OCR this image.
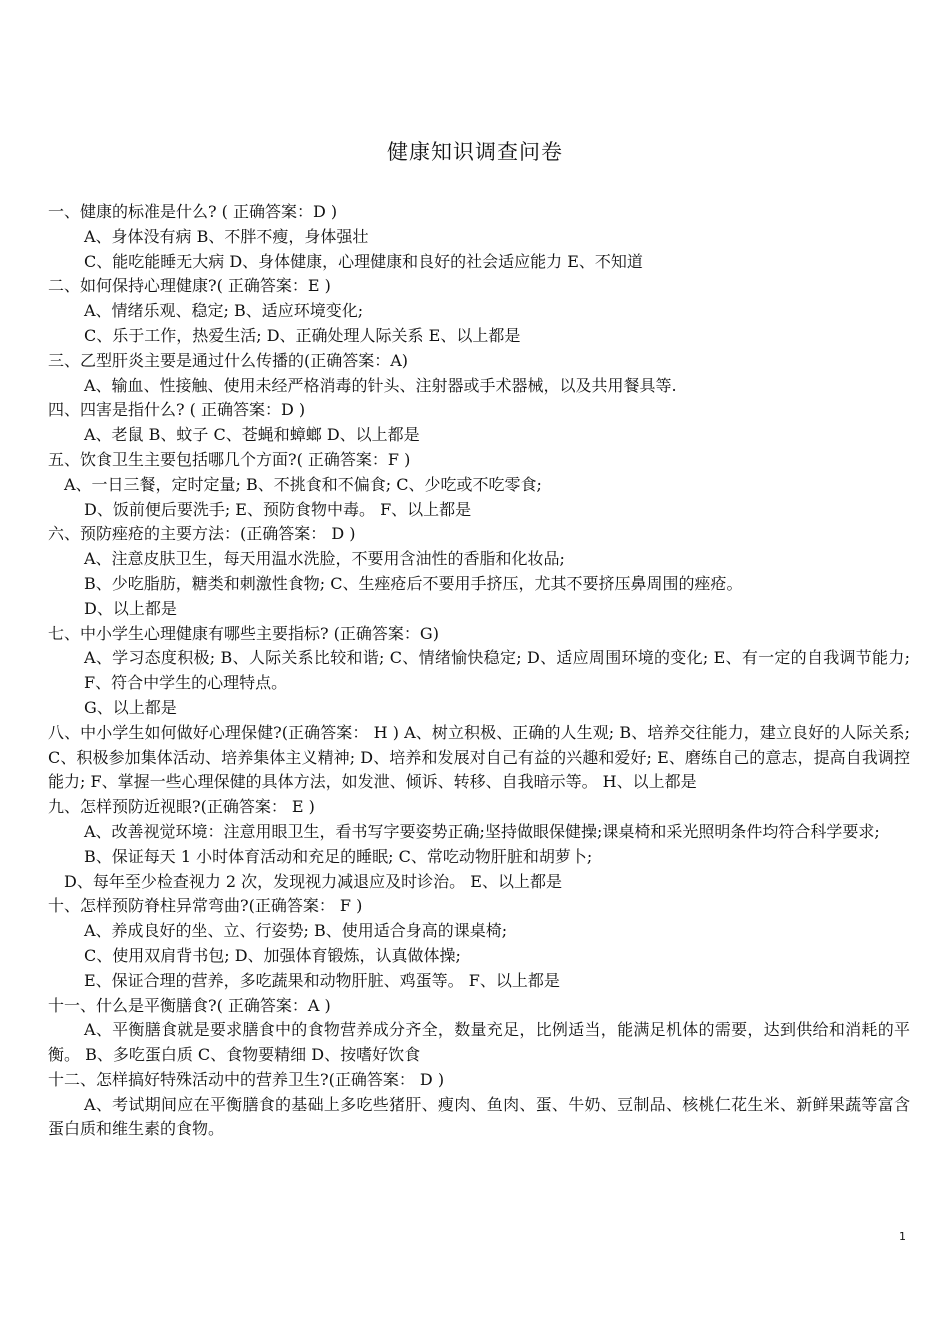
健康知识调查问卷
一、健康的标准是什么? ( 正确答案：D )
A、身体没有病 B、不胖不瘦，身体强壮
C、能吃能睡无大病 D、身体健康，心理健康和良好的社会适应能力 E、不知道
二、如何保持心理健康?( 正确答案：E )
A、情绪乐观、稳定; B、适应环境变化;
C、乐于工作，热爱生活; D、正确处理人际关系 E、以上都是
三、乙型肝炎主要是通过什么传播的(正确答案：A)
A、输血、性接触、使用未经严格消毒的针头、注射器或手术器械，以及共用餐具等.
四、四害是指什么? ( 正确答案：D )
A、老鼠 B、蚊子 C、苍蝇和蟑螂 D、以上都是
五、饮食卫生主要包括哪几个方面?( 正确答案：F )
A、一日三餐，定时定量; B、不挑食和不偏食; C、少吃或不吃零食;
D、饭前便后要洗手; E、预防食物中毒。 F、以上都是
六、预防痤疮的主要方法：(正确答案： D )
A、注意皮肤卫生，每天用温水洗脸，不要用含油性的香脂和化妆品;
B、少吃脂肪，糖类和刺激性食物; C、生痤疮后不要用手挤压，尤其不要挤压鼻周围的痤疮。
D、以上都是
七、中小学生心理健康有哪些主要指标? (正确答案：G)
A、学习态度积极; B、人际关系比较和谐; C、情绪愉快稳定; D、适应周围环境的变化; E、有一定的自我调节能力; F、符合中学生的心理特点。
G、以上都是
八、中小学生如何做好心理保健?(正确答案： H ) A、树立积极、正确的人生观; B、培养交往能力，建立良好的人际关系; C、积极参加集体活动、培养集体主义精神; D、培养和发展对自己有益的兴趣和爱好; E、磨练自己的意志，提高自我调控能力; F、掌握一些心理保健的具体方法，如发泄、倾诉、转移、自我暗示等。 H、以上都是
九、怎样预防近视眼?(正确答案： E )
A、改善视觉环境：注意用眼卫生，看书写字要姿势正确;坚持做眼保健操;课桌椅和采光照明条件均符合科学要求;
B、保证每天 1 小时体育活动和充足的睡眠; C、常吃动物肝脏和胡萝卜;
D、每年至少检查视力 2 次，发现视力减退应及时诊治。 E、以上都是
十、怎样预防脊柱异常弯曲?(正确答案： F )
A、养成良好的坐、立、行姿势; B、使用适合身高的课桌椅;
C、使用双肩背书包; D、加强体育锻炼，认真做体操;
E、保证合理的营养，多吃蔬果和动物肝脏、鸡蛋等。 F、以上都是
十一、什么是平衡膳食?( 正确答案：A )
A、平衡膳食就是要求膳食中的食物营养成分齐全，数量充足，比例适当，能满足机体的需要，达到供给和消耗的平衡。 B、多吃蛋白质 C、食物要精细 D、按嗜好饮食
十二、怎样搞好特殊活动中的营养卫生?(正确答案： D )
A、考试期间应在平衡膳食的基础上多吃些猪肝、瘦肉、鱼肉、蛋、牛奶、豆制品、核桃仁花生米、新鲜果蔬等富含蛋白质和维生素的食物。
1
